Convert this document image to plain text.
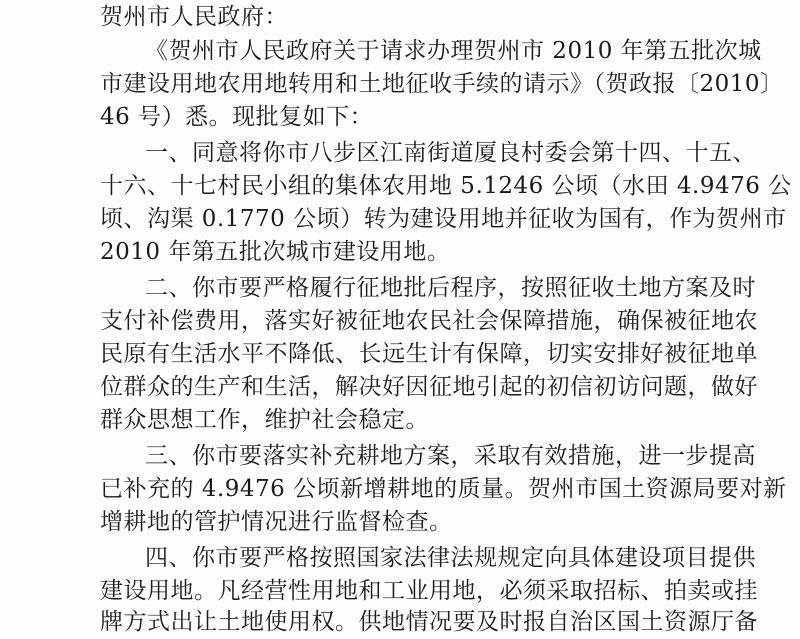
贺州市人民政府：
《贺州市人民政府关于请求办理贺州市 2010 年第五批次城
市建设用地农用地转用和土地征收手续的请示》（贺政报〔2010〕
46 号）悉。现批复如下：
一、同意将你市八步区江南街道厦良村委会第十四、十五、
十六、十七村民小组的集体农用地 5.1246 公顷（水田 4.9476 公
顷、沟渠 0.1770 公顷）转为建设用地并征收为国有，作为贺州市
2010 年第五批次城市建设用地。
二、你市要严格履行征地批后程序，按照征收土地方案及时
支付补偿费用，落实好被征地农民社会保障措施，确保被征地农
民原有生活水平不降低、长远生计有保障，切实安排好被征地单
位群众的生产和生活，解决好因征地引起的初信初访问题，做好
群众思想工作，维护社会稳定。
三、你市要落实补充耕地方案，采取有效措施，进一步提高
已补充的 4.9476 公顷新增耕地的质量。贺州市国土资源局要对新
增耕地的管护情况进行监督检查。
四、你市要严格按照国家法律法规规定向具体建设项目提供
建设用地。凡经营性用地和工业用地，必须采取招标、拍卖或挂
牌方式出让土地使用权。供地情况要及时报自治区国土资源厅备
